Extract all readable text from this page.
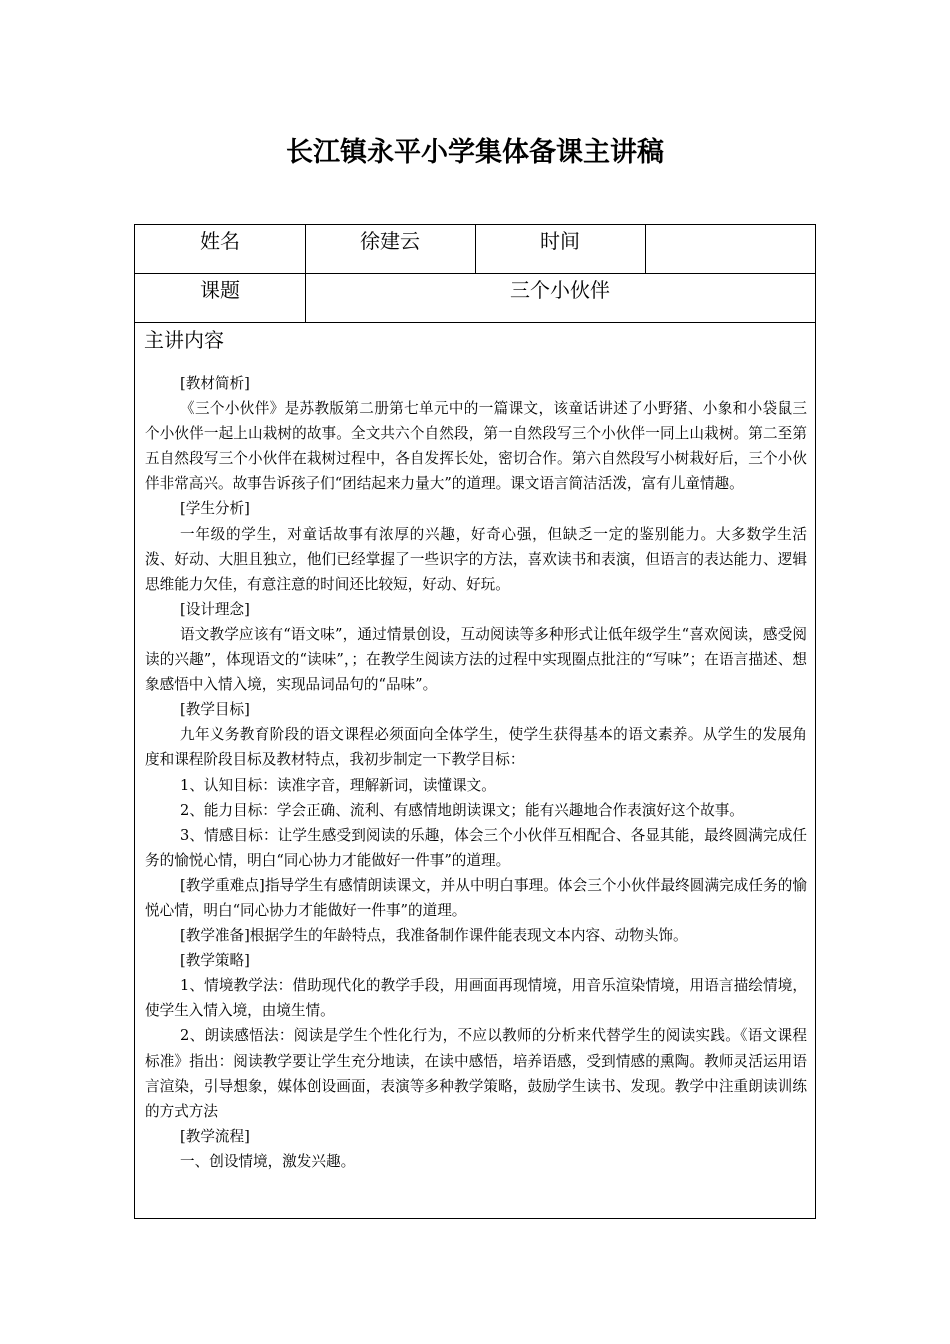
长江镇永平小学集体备课主讲稿
姓名	徐建云	时间
课题	三个小伙伴
主讲内容

[教材简析]

《三个小伙伴》是苏教版第二册第七单元中的一篇课文，该童话讲述了小野猪、小象和小袋鼠三个小伙伴一起上山栽树的故事。全文共六个自然段，第一自然段写三个小伙伴一同上山栽树。第二至第五自然段写三个小伙伴在栽树过程中，各自发挥长处，密切合作。第六自然段写小树栽好后，三个小伙伴非常高兴。故事告诉孩子们“团结起来力量大”的道理。课文语言简洁活泼，富有儿童情趣。

[学生分析]

一年级的学生，对童话故事有浓厚的兴趣，好奇心强，但缺乏一定的鉴别能力。大多数学生活泼、好动、大胆且独立，他们已经掌握了一些识字的方法，喜欢读书和表演，但语言的表达能力、逻辑思维能力欠佳，有意注意的时间还比较短，好动、好玩。

[设计理念]

语文教学应该有“语文味”，通过情景创设，互动阅读等多种形式让低年级学生“喜欢阅读，感受阅读的兴趣”，体现语文的“读味”，；在教学生阅读方法的过程中实现圈点批注的“写味”；在语言描述、想象感悟中入情入境，实现品词品句的“品味”。

[教学目标]

九年义务教育阶段的语文课程必须面向全体学生，使学生获得基本的语文素养。从学生的发展角度和课程阶段目标及教材特点，我初步制定一下教学目标：

1、认知目标：读准字音，理解新词，读懂课文。

2、能力目标：学会正确、流利、有感情地朗读课文；能有兴趣地合作表演好这个故事。

3、情感目标：让学生感受到阅读的乐趣，体会三个小伙伴互相配合、各显其能，最终圆满完成任务的愉悦心情，明白“同心协力才能做好一件事”的道理。

[教学重难点]指导学生有感情朗读课文，并从中明白事理。体会三个小伙伴最终圆满完成任务的愉悦心情，明白“同心协力才能做好一件事”的道理。

[教学准备]根据学生的年龄特点，我准备制作课件能表现文本内容、动物头饰。

[教学策略]

1、情境教学法：借助现代化的教学手段，用画面再现情境，用音乐渲染情境，用语言描绘情境，使学生入情入境，由境生情。

2、朗读感悟法：阅读是学生个性化行为，不应以教师的分析来代替学生的阅读实践。《语文课程标准》指出：阅读教学要让学生充分地读，在读中感悟，培养语感，受到情感的熏陶。教师灵活运用语言渲染，引导想象，媒体创设画面，表演等多种教学策略，鼓励学生读书、发现。教学中注重朗读训练的方式方法

[教学流程]

一、创设情境，激发兴趣。
